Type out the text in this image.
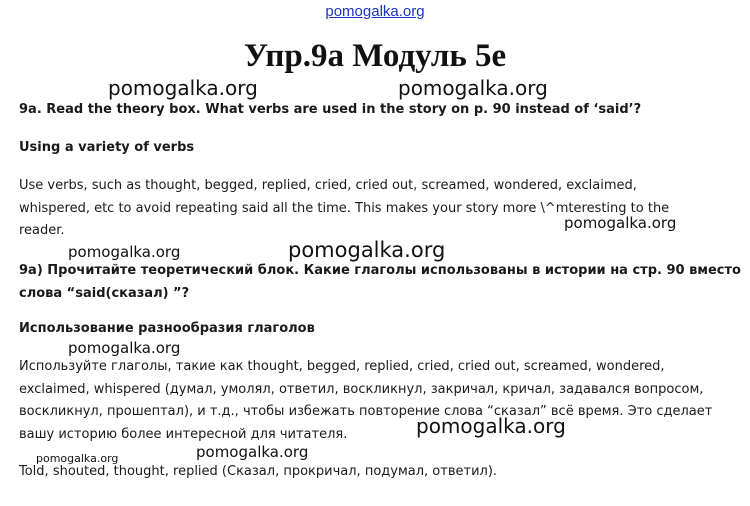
pomogalka.org
Упр.9а Модуль 5е
pomogalka.org	pomogalka.org
9a. Read the theory box. What verbs are used in the story on p. 90 instead of ‘said’?
Using a variety of verbs
Use verbs, such as thought, begged, replied, cried, cried out, screamed, wondered, exclaimed,
whispered, etc to avoid repeating said all the time. This makes your story more \^mteresting to the
reader.	pomogalka.org
pomogalka.org	pomogalka.org
9а) Прочитайте теоретический блок. Какие глаголы использованы в истории на стр. 90 вместо
слова “said(сказал) ”?
Использование разнообразия глаголов
pomogalka.org
Используйте глаголы, такие как thought, begged, replied, cried, cried out, screamed, wondered,
exclaimed, whispered (думал, умолял, ответил, воскликнул, закричал, кричал, задавался вопросом,
воскликнул, прошептал), и т.д., чтобы избежать повторение слова “сказал” всё время. Это сделает
вашу историю более интересной для читателя.	pomogalka.org
pomogalka.org
pomogalka.org
Told, shouted, thought, replied (Сказал, прокричал, подумал, ответил).
